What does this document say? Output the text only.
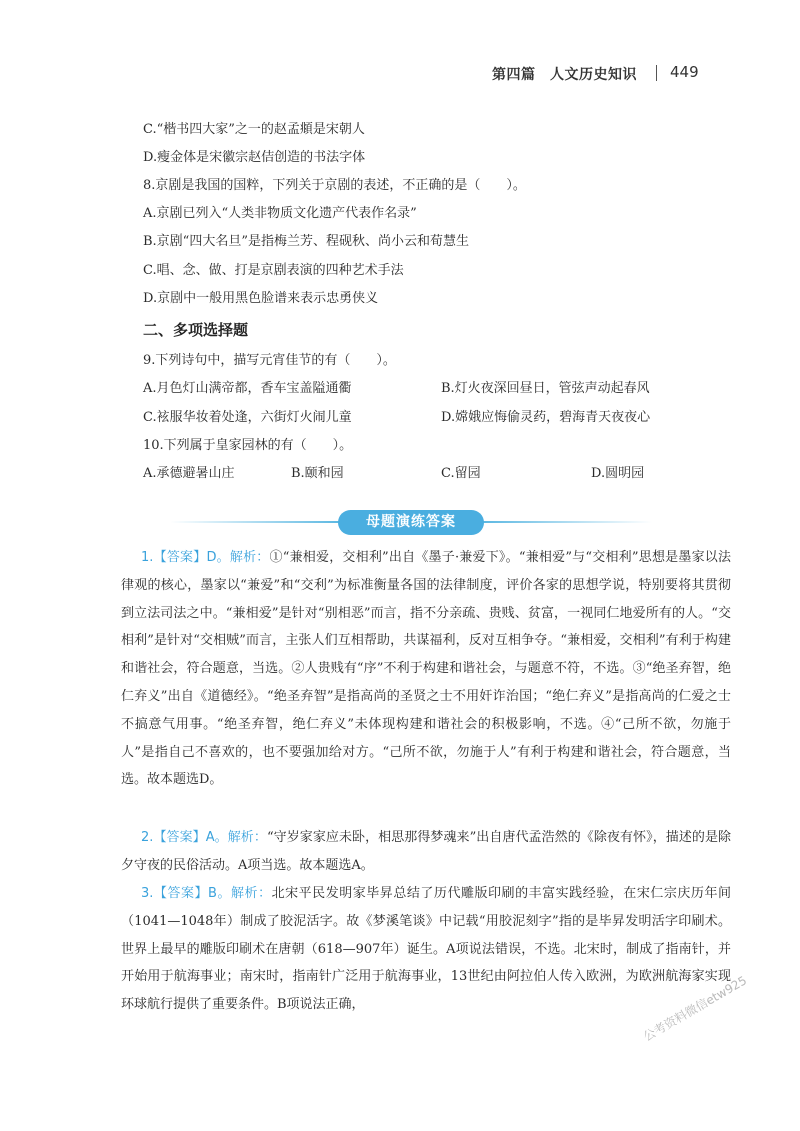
第四篇　人文历史知识 449
C.“楷书四大家”之一的赵孟頫是宋朝人
D.瘦金体是宋徽宗赵佶创造的书法字体
8.京剧是我国的国粹，下列关于京剧的表述，不正确的是（　　）。
A.京剧已列入“人类非物质文化遗产代表作名录”
B.京剧“四大名旦”是指梅兰芳、程砚秋、尚小云和荀慧生
C.唱、念、做、打是京剧表演的四种艺术手法
D.京剧中一般用黑色脸谱来表示忠勇侠义
二、多项选择题
9.下列诗句中，描写元宵佳节的有（　　）。
A.月色灯山满帝都，香车宝盖隘通衢	B.灯火夜深回昼日，管弦声动起春风
C.袨服华妆着处逢，六街灯火闹儿童	D.嫦娥应悔偷灵药，碧海青天夜夜心
10.下列属于皇家园林的有（　　）。
A.承德避暑山庄	B.颐和园	C.留园	D.圆明园
母题演练答案
1.【答案】D。解析：①“兼相爱，交相利”出自《墨子·兼爱下》。“兼相爱”与“交相利”思想是墨家以法律观的核心，墨家以“兼爱”和“交利”为标准衡量各国的法律制度，评价各家的思想学说，特别要将其贯彻到立法司法之中。“兼相爱”是针对“别相恶”而言，指不分亲疏、贵贱、贫富，一视同仁地爱所有的人。“交相利”是针对“交相贼”而言，主张人们互相帮助，共谋福利，反对互相争夺。“兼相爱，交相利”有利于构建和谐社会，符合题意，当选。②人贵贱有“序”不利于构建和谐社会，与题意不符，不选。③“绝圣弃智，绝仁弃义”出自《道德经》。“绝圣弃智”是指高尚的圣贤之士不用奸诈治国；“绝仁弃义”是指高尚的仁爱之士不搞意气用事。“绝圣弃智，绝仁弃义”未体现构建和谐社会的积极影响，不选。④“己所不欲，勿施于人”是指自己不喜欢的，也不要强加给对方。“己所不欲，勿施于人”有利于构建和谐社会，符合题意，当选。故本题选D。
2.【答案】A。解析：“守岁家家应未卧，相思那得梦魂来”出自唐代孟浩然的《除夜有怀》，描述的是除夕守夜的民俗活动。A项当选。故本题选A。
3.【答案】B。解析：北宋平民发明家毕昇总结了历代雕版印刷的丰富实践经验，在宋仁宗庆历年间（1041—1048年）制成了胶泥活字。故《梦溪笔谈》中记载“用胶泥刻字”指的是毕昇发明活字印刷术。世界上最早的雕版印刷术在唐朝（618—907年）诞生。A项说法错误，不选。北宋时，制成了指南针，并开始用于航海事业；南宋时，指南针广泛用于航海事业，13世纪由阿拉伯人传入欧洲，为欧洲航海家实现环球航行提供了重要条件。B项说法正确，	公考资料微信etw925
